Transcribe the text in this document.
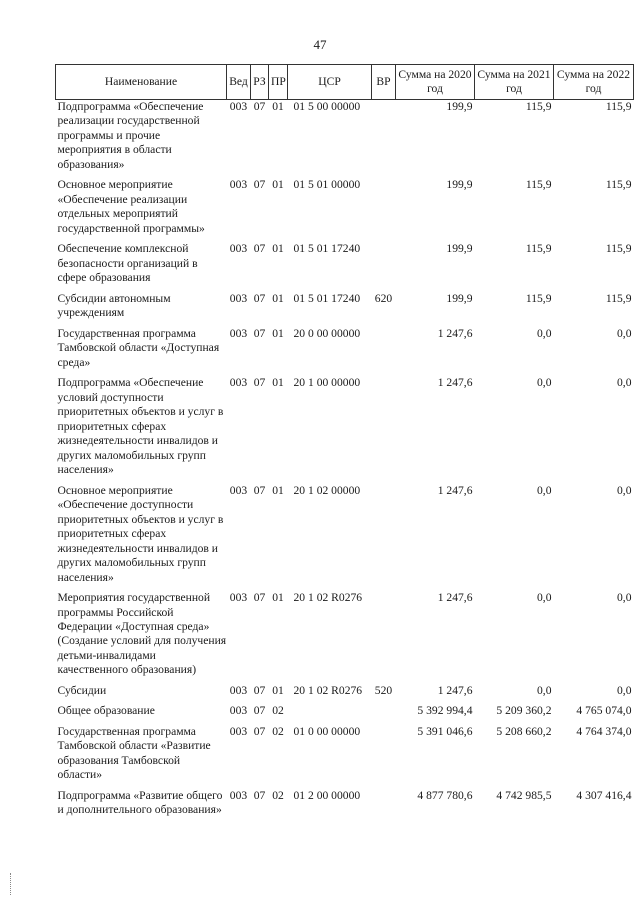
47
Наименование	Вед	РЗ	ПР	ЦСР	ВР	Сумма на 2020 год	Сумма на 2021 год	Сумма на 2022 год
Подпрограмма «Обеспечение реализации государственной программы и прочие мероприятия в области образования»	003	07	01	01 5 00 00000		199,9	115,9	115,9
Основное мероприятие «Обеспечение реализации отдельных мероприятий государственной программы»	003	07	01	01 5 01 00000		199,9	115,9	115,9
Обеспечение комплексной безопасности организаций в сфере образования	003	07	01	01 5 01 17240		199,9	115,9	115,9
Субсидии автономным учреждениям	003	07	01	01 5 01 17240	620	199,9	115,9	115,9
Государственная программа Тамбовской области «Доступная среда»	003	07	01	20 0 00 00000		1 247,6	0,0	0,0
Подпрограмма «Обеспечение условий доступности приоритетных объектов и услуг в приоритетных сферах жизнедеятельности инвалидов и других маломобильных групп населения»	003	07	01	20 1 00 00000		1 247,6	0,0	0,0
Основное мероприятие «Обеспечение доступности приоритетных объектов и услуг в приоритетных сферах жизнедеятельности инвалидов и других маломобильных групп населения»	003	07	01	20 1 02 00000		1 247,6	0,0	0,0
Мероприятия государственной программы Российской Федерации «Доступная среда» (Создание условий для получения детьми-инвалидами качественного образования)	003	07	01	20 1 02 R0276		1 247,6	0,0	0,0
Субсидии	003	07	01	20 1 02 R0276	520	1 247,6	0,0	0,0
Общее образование	003	07	02			5 392 994,4	5 209 360,2	4 765 074,0
Государственная программа Тамбовской области «Развитие образования Тамбовской области»	003	07	02	01 0 00 00000		5 391 046,6	5 208 660,2	4 764 374,0
Подпрограмма «Развитие общего и дополнительного образования»	003	07	02	01 2 00 00000		4 877 780,6	4 742 985,5	4 307 416,4
